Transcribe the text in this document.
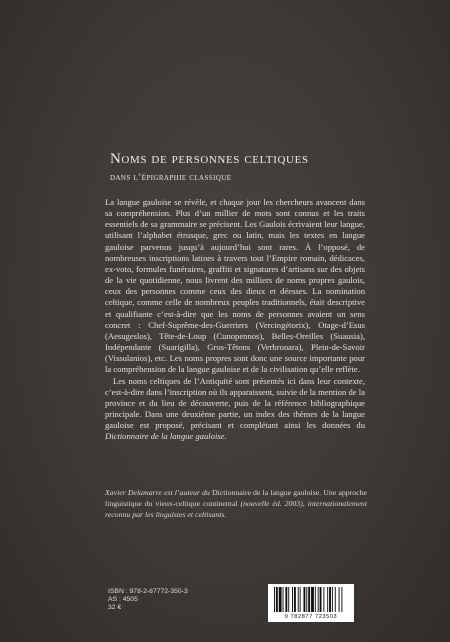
Noms de personnes celtiques
dans l’épigraphie classique

La langue gauloise se révèle, et chaque jour les chercheurs avancent dans sa compréhension. Plus d’un millier de mots sont connus et les traits essentiels de sa grammaire se précisent. Les Gaulois écrivaient leur langue, utilisant l’alphabet étrusque, grec ou latin, mais les textes en langue gauloise parvenus jusqu’à aujourd’hui sont rares. À l’opposé, de nombreuses inscriptions latines à travers tout l’Empire romain, dédicaces, ex-voto, formules funéraires, graffiti et signatures d’artisans sur des objets de la vie quotidienne, nous livrent des milliers de noms propres gaulois, ceux des personnes comme ceux des dieux et déesses. La nomination celtique, comme celle de nombreux peuples traditionnels, était descriptive et qualifiante c’est-à-dire que les noms de personnes avaient un sens concret : Chef-Suprême-des-Guerriers (Vercingétorix), Otage-d’Esus (Aesugeslos), Tête-de-Loup (Cunopennos), Belles-Oreilles (Suausia), Indépendante (Suarigilla), Gros-Têtons (Verbronara), Plein-de-Savoir (Vissulanios), etc. Les noms propres sont donc une source importante pour la compréhension de la langue gauloise et de la civilisation qu’elle reflète.

Les noms celtiques de l’Antiquité sont présentés ici dans leur contexte, c’est-à-dire dans l’inscription où ils apparaissent, suivie de la mention de la province et du lieu de découverte, puis de la référence bibliographique principale. Dans une deuxième partie, un index des thèmes de la langue gauloise est proposé, précisant et complétant ainsi les données du Dictionnaire de la langue gauloise.

Xavier Delamarre est l’auteur du Dictionnaire de la langue gauloise. Une approche linguistique du vieux-celtique continental (nouvelle éd. 2003), internationalement reconnu par les linguistes et celtisants.

ISBN : 978-2-87772-350-3
AS : 4505
32 €
9 782877 723503
